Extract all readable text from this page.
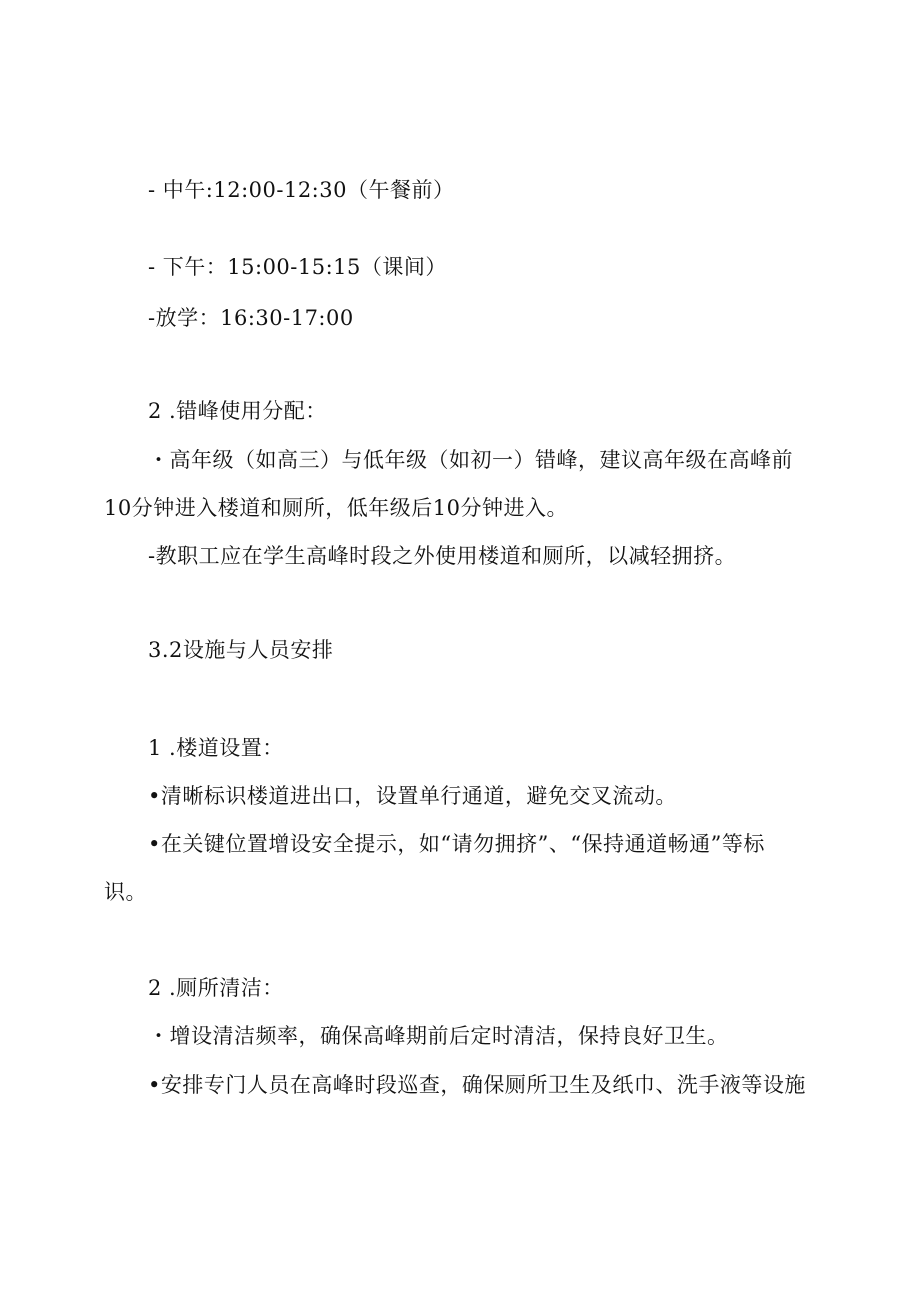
- 中午:12:00-12:30（午餐前）
- 下午：15:00-15:15（课间）
-放学：16:30-17:00
2 .错峰使用分配：
・高年级（如高三）与低年级（如初一）错峰，建议高年级在高峰前
10分钟进入楼道和厕所，低年级后10分钟进入。
-教职工应在学生高峰时段之外使用楼道和厕所，以减轻拥挤。
3.2设施与人员安排
1 .楼道设置：
•清晰标识楼道进出口，设置单行通道，避免交叉流动。
•在关键位置增设安全提示，如“请勿拥挤”、“保持通道畅通”等标
识。
2 .厕所清洁：
・增设清洁频率，确保高峰期前后定时清洁，保持良好卫生。
•安排专门人员在高峰时段巡查，确保厕所卫生及纸巾、洗手液等设施
